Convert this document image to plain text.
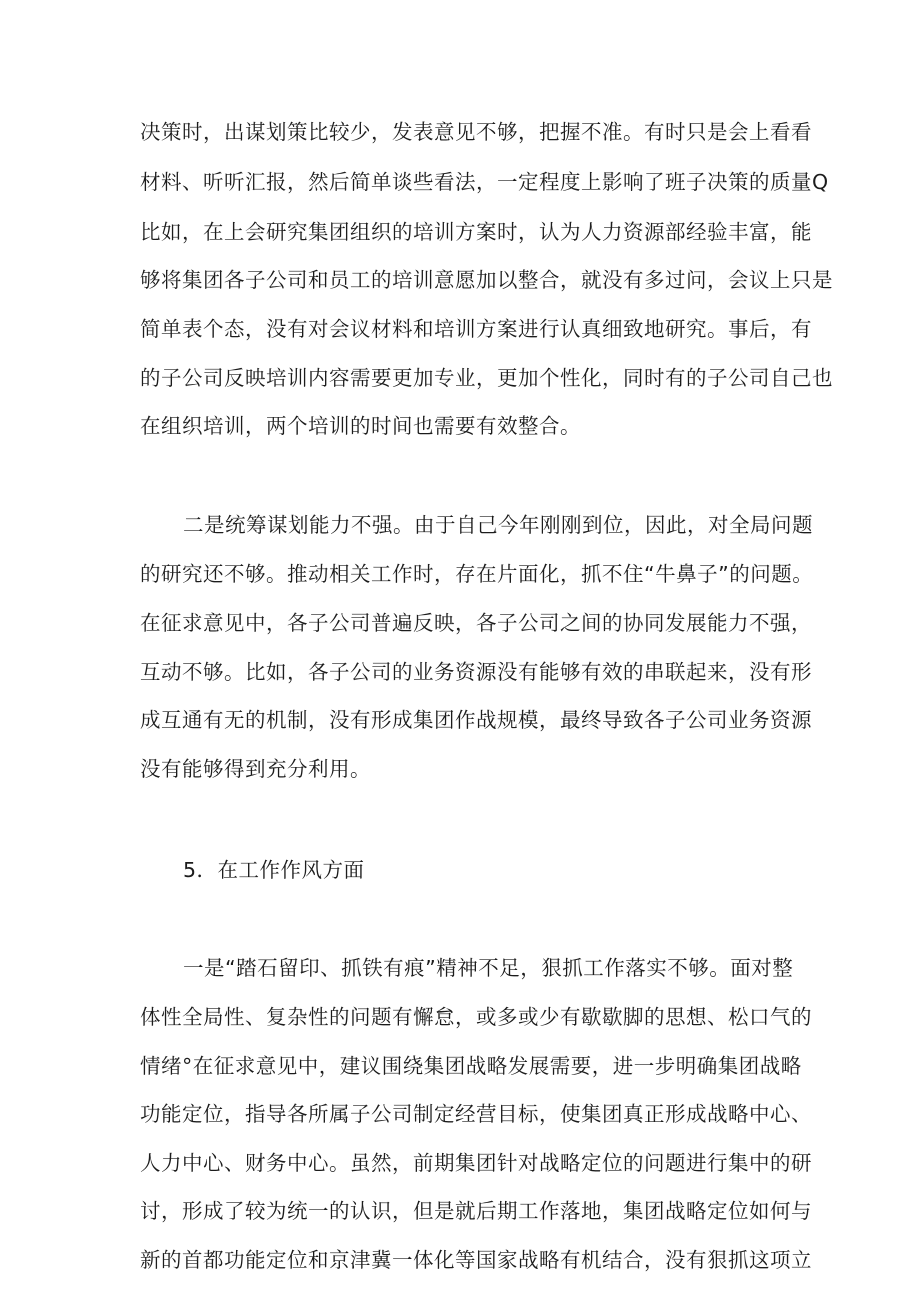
决策时，出谋划策比较少，发表意见不够，把握不准。有时只是会上看看
材料、听听汇报，然后简单谈些看法，一定程度上影响了班子决策的质量Q
比如，在上会研究集团组织的培训方案时，认为人力资源部经验丰富，能
够将集团各子公司和员工的培训意愿加以整合，就没有多过问，会议上只是
简单表个态，没有对会议材料和培训方案进行认真细致地研究。事后，有
的子公司反映培训内容需要更加专业，更加个性化，同时有的子公司自己也
在组织培训，两个培训的时间也需要有效整合。
二是统筹谋划能力不强。由于自己今年刚刚到位，因此，对全局问题
的研究还不够。推动相关工作时，存在片面化，抓不住“牛鼻子”的问题。
在征求意见中，各子公司普遍反映，各子公司之间的协同发展能力不强，
互动不够。比如，各子公司的业务资源没有能够有效的串联起来，没有形
成互通有无的机制，没有形成集团作战规模，最终导致各子公司业务资源
没有能够得到充分利用。
5．在工作作风方面
一是“踏石留印、抓铁有痕”精神不足，狠抓工作落实不够。面对整
体性全局性、复杂性的问题有懈怠，或多或少有歇歇脚的思想、松口气的
情绪°在征求意见中，建议围绕集团战略发展需要，进一步明确集团战略
功能定位，指导各所属子公司制定经营目标，使集团真正形成战略中心、
人力中心、财务中心。虽然，前期集团针对战略定位的问题进行集中的研
讨，形成了较为统一的认识，但是就后期工作落地，集团战略定位如何与
新的首都功能定位和京津冀一体化等国家战略有机结合，没有狠抓这项立
